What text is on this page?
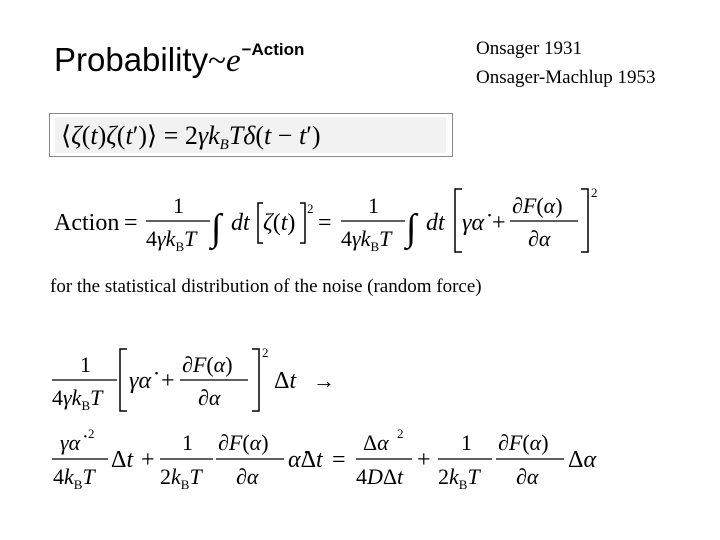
Onsager 1931
Onsager-Machlup 1953
$Probability\sim e^{-Action}$
⟨ζ(t)ζ(t′)⟩ = 2γkBTδ(t − t′)
Action =
1
$4\gamma k_BT$ ∫ dt ζ(t)
2
=
1
$4\gamma k_BT$ ∫ dt γα̇ +
∂F(α)
∂α
2
for the statistical distribution of the noise (random force)
1
$4\gamma k_BT$
γα̇ +
∂F(α)
∂α
2
Δt →
γα̇ 2
$4k_BT$
Δt +
1
$2k_BT$
∂F(α)
∂α
α̇Δt =
Δα 2
4DΔt
+
1
$2k_BT$
∂F(α)
∂α
Δα
